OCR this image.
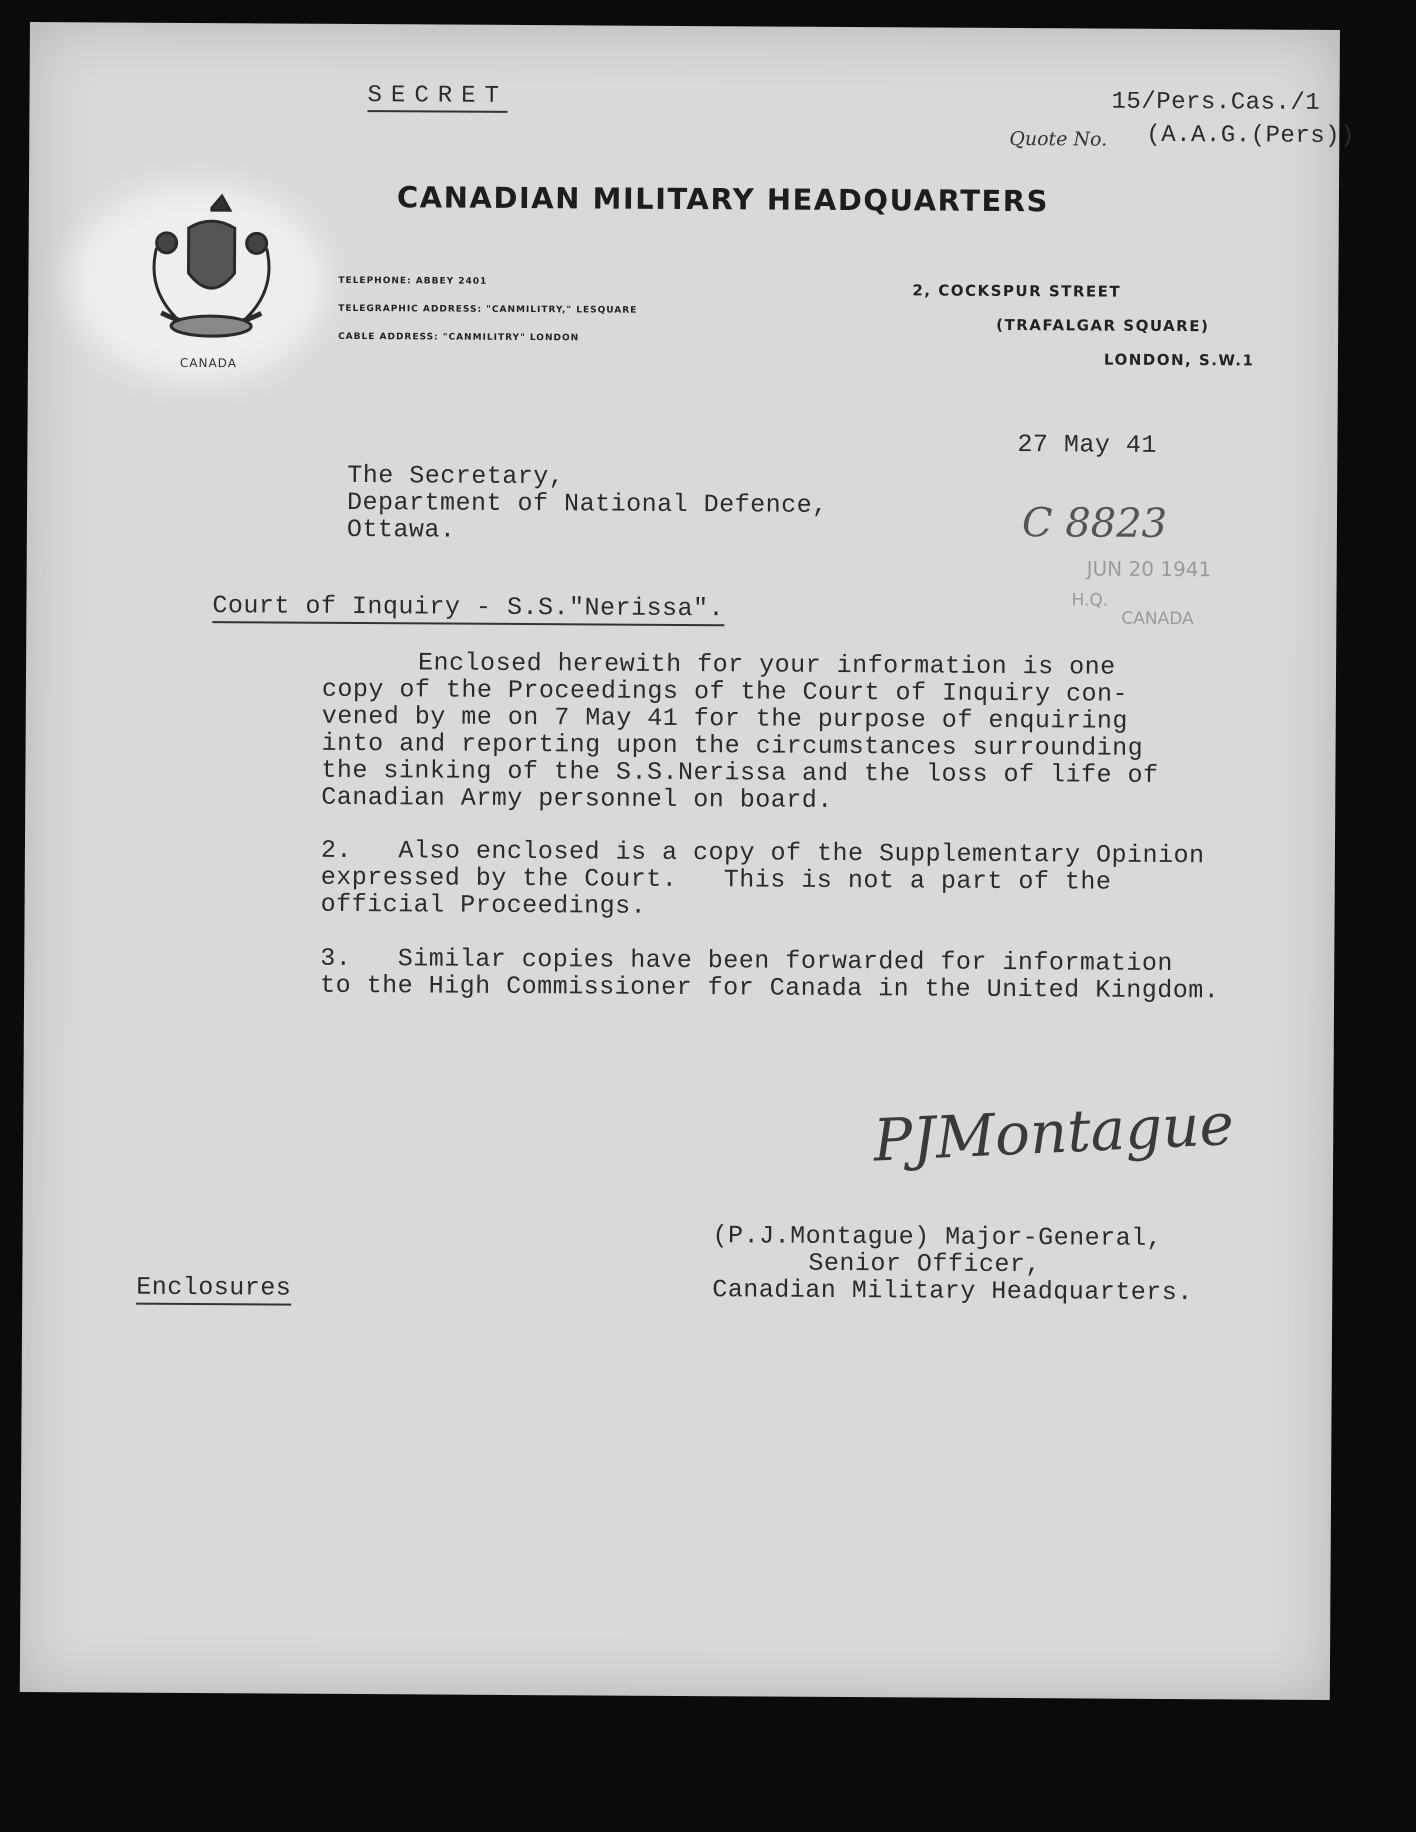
SECRET	15/Pers.Cas./1
Quote No. (A.A.G.(Pers))
CANADA
CANADIAN MILITARY HEADQUARTERS
TELEPHONE: ABBEY 2401
TELEGRAPHIC ADDRESS: "CANMILITRY," LESQUARE
CABLE ADDRESS: "CANMILITRY" LONDON
2, COCKSPUR STREET
(TRAFALGAR SQUARE)
LONDON, S.W.1
27 May 41
The Secretary,
Department of National Defence,
Ottawa.	C 8823
JUN 20 1941
H.Q.
CANADA
Court of Inquiry - S.S."Nerissa".
Enclosed herewith for your information is one
copy of the Proceedings of the Court of Inquiry con-
vened by me on 7 May 41 for the purpose of enquiring
into and reporting upon the circumstances surrounding
the sinking of the S.S.Nerissa and the loss of life of
Canadian Army personnel on board.
2.   Also enclosed is a copy of the Supplementary Opinion
expressed by the Court.   This is not a part of the
official Proceedings.
3.   Similar copies have been forwarded for information
to the High Commissioner for Canada in the United Kingdom.
PJMontague
(P.J.Montague) Major-General,
Senior Officer,
Canadian Military Headquarters.
Enclosures
